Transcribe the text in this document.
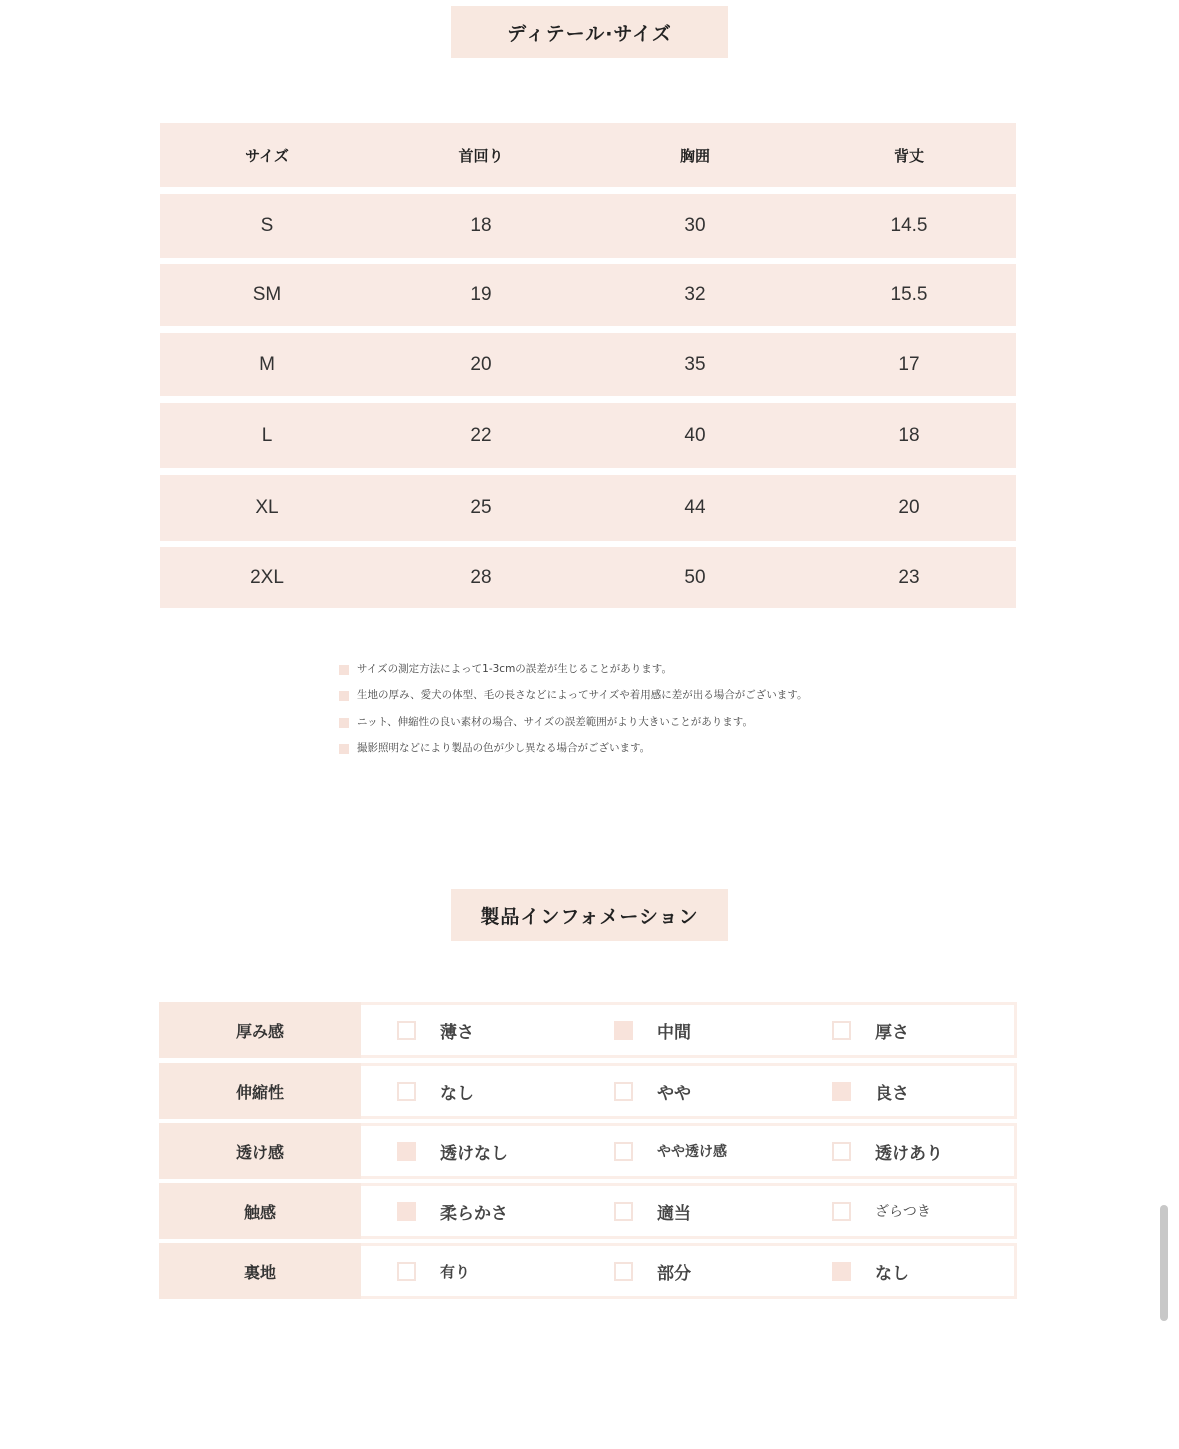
ディテール·サイズ
サイズ	首回り	胸囲	背丈
S	18	30	14.5
SM	19	32	15.5
M	20	35	17
L	22	40	18
XL	25	44	20
2XL	28	50	23
サイズの測定方法によって1-3cmの誤差が生じることがあります。
生地の厚み、愛犬の体型、毛の長さなどによってサイズや着用感に差が出る場合がございます。
ニット、伸縮性の良い素材の場合、サイズの誤差範囲がより大きいことがあります。
撮影照明などにより製品の色が少し異なる場合がございます。
製品インフォメーション
厚み感	薄さ	中間	厚さ
伸縮性	なし	やや	良さ
透け感	透けなし	やや透け感	透けあり
触感	柔らかさ	適当	ざらつき
裏地	有り	部分	なし
